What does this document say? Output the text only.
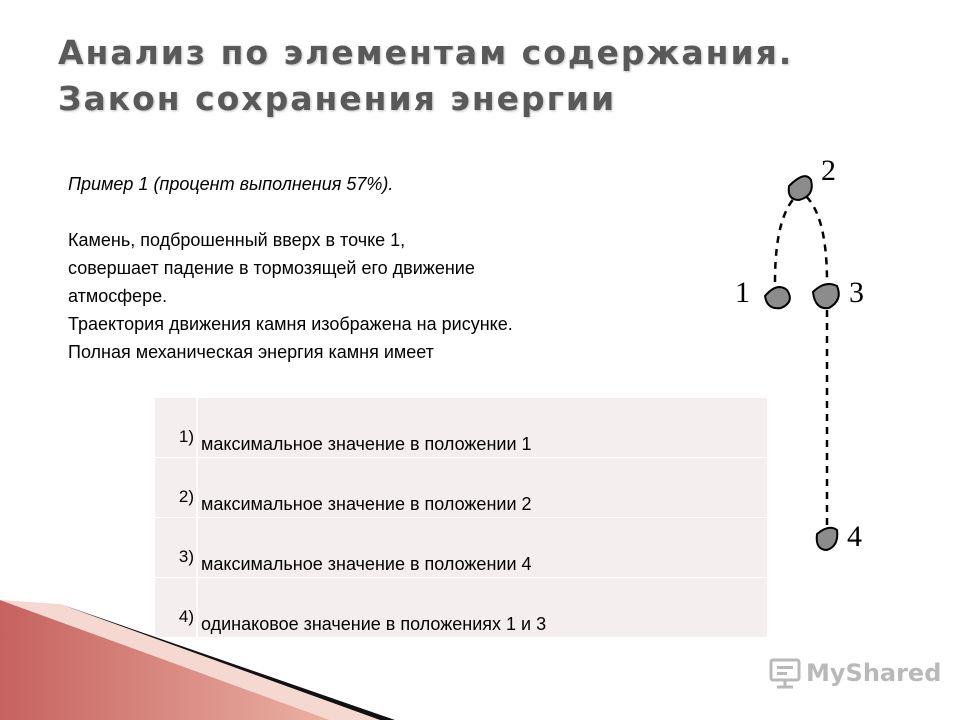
Анализ по элементам содержания.
Закон сохранения энергии

Пример 1 (процент выполнения 57%).

Камень, подброшенный вверх в точке 1,

совершает падение в тормозящей его движение

атмосфере.

Траектория движения камня изображена на рисунке.

Полная механическая энергия камня имеет

1) максимальное значение в положении 1
2) максимальное значение в положении 2
3) максимальное значение в положении 4
4) одинаковое значение в положениях 1 и 3
1
2
3
4
MyShared
